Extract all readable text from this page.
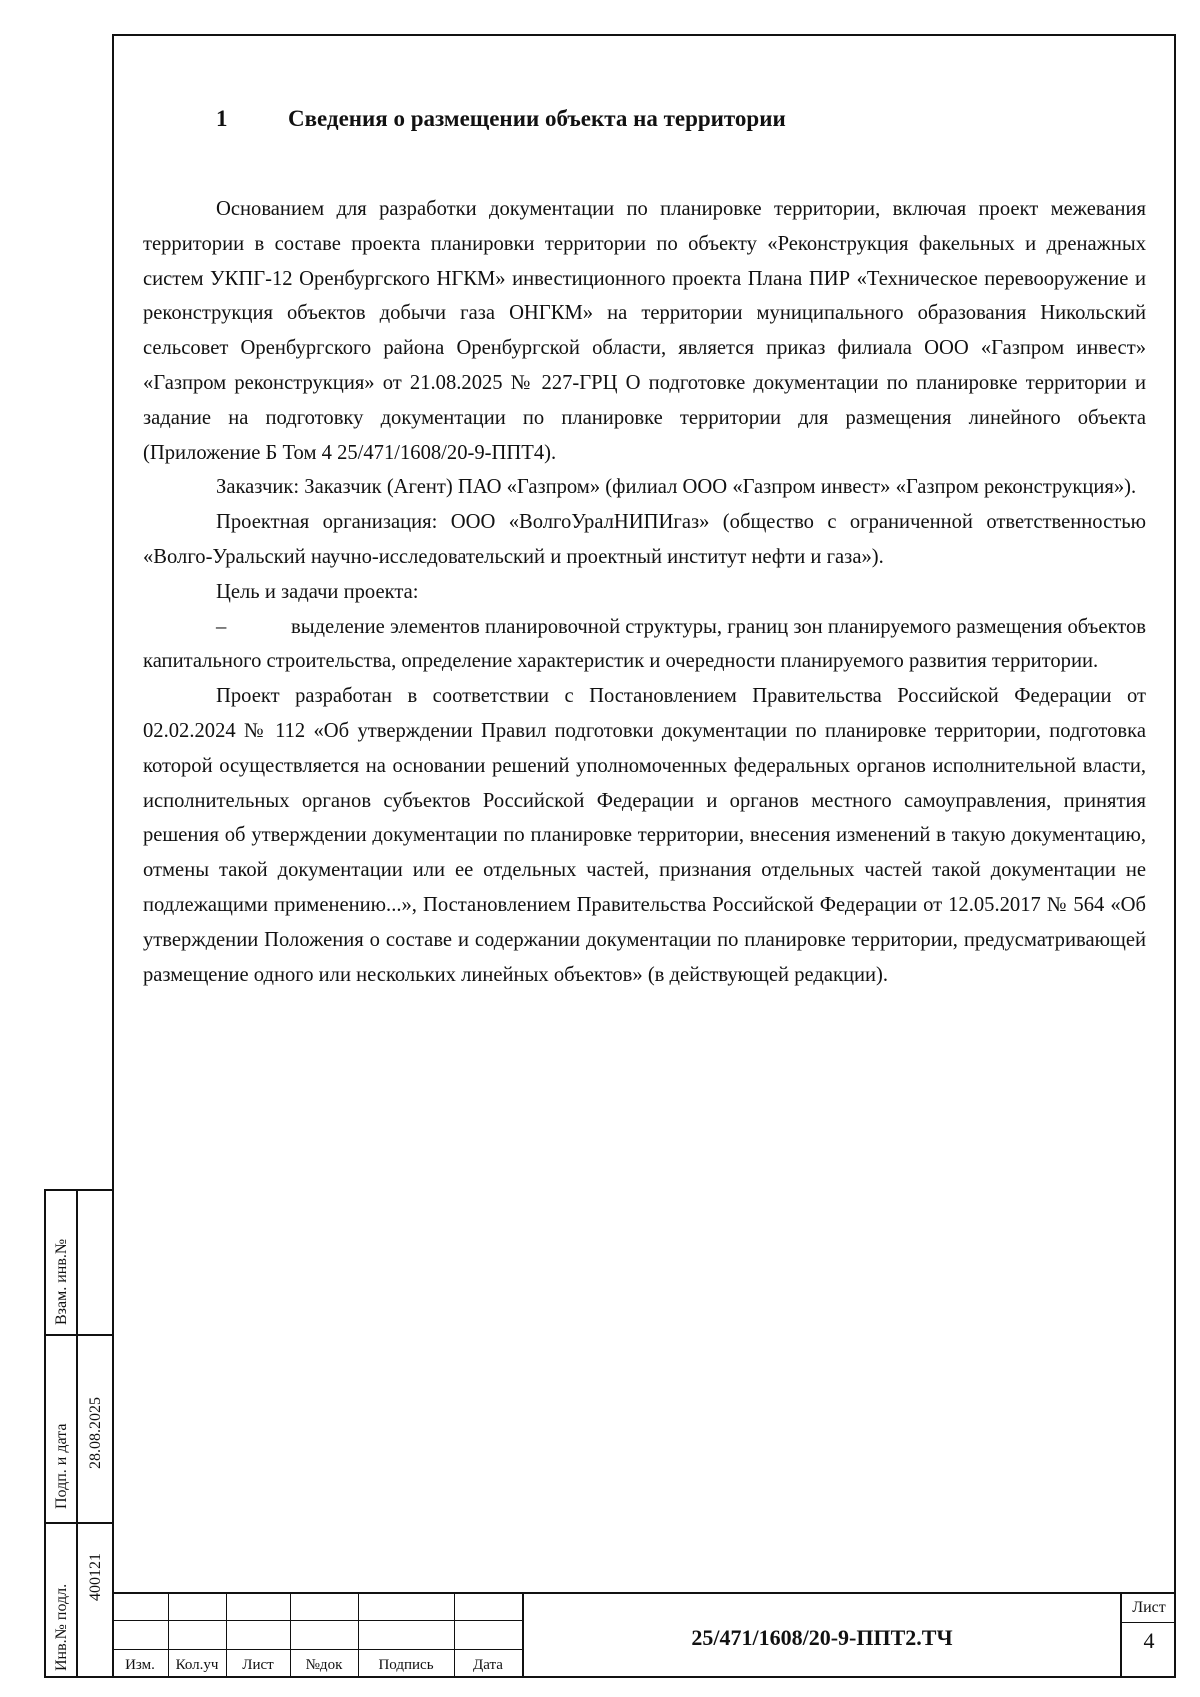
1	Сведения о размещении объекта на территории

Основанием для разработки документации по планировке территории, включая проект межевания территории в составе проекта планировки территории по объекту «Реконструкция факельных и дренажных систем УКПГ-12 Оренбургского НГКМ» инвестиционного проекта Плана ПИР «Техническое перевооружение и реконструкция объектов добычи газа ОНГКМ» на территории муниципального образования Никольский сельсовет Оренбургского района Оренбургской области, является приказ филиала ООО «Газпром инвест» «Газпром реконструкция» от 21.08.2025 № 227-ГРЦ О подготовке документации по планировке территории и задание на подготовку документации по планировке территории для размещения линейного объекта (Приложение Б Том 4 25/471/1608/20-9-ППТ4).

Заказчик: Заказчик (Агент) ПАО «Газпром» (филиал ООО «Газпром инвест» «Газпром реконструкция»).

Проектная организация: ООО «ВолгоУралНИПИгаз» (общество с ограниченной ответственностью «Волго-Уральский научно-исследовательский и проектный институт нефти и газа»).

Цель и задачи проекта:

–	выделение элементов планировочной структуры, границ зон планируемого размещения объектов капитального строительства, определение характеристик и очередности планируемого развития территории.

Проект разработан в соответствии с Постановлением Правительства Российской Федерации от 02.02.2024 № 112 «Об утверждении Правил подготовки документации по планировке территории, подготовка которой осуществляется на основании решений уполномоченных федеральных органов исполнительной власти, исполнительных органов субъектов Российской Федерации и органов местного самоуправления, принятия решения об утверждении документации по планировке территории, внесения изменений в такую документацию, отмены такой документации или ее отдельных частей, признания отдельных частей такой документации не подлежащими применению...», Постановлением Правительства Российской Федерации от 12.05.2017 № 564 «Об утверждении Положения о составе и содержании документации по планировке территории, предусматривающей размещение одного или нескольких линейных объектов» (в действующей редакции).

Взам. инв.№
Подп. и дата 28.08.2025
Инв.№ подл.
400121
Изм.	Кол.уч	Лист	№док	Подпись	Дата
25/471/1608/20-9-ППТ2.ТЧ
Лист
4
